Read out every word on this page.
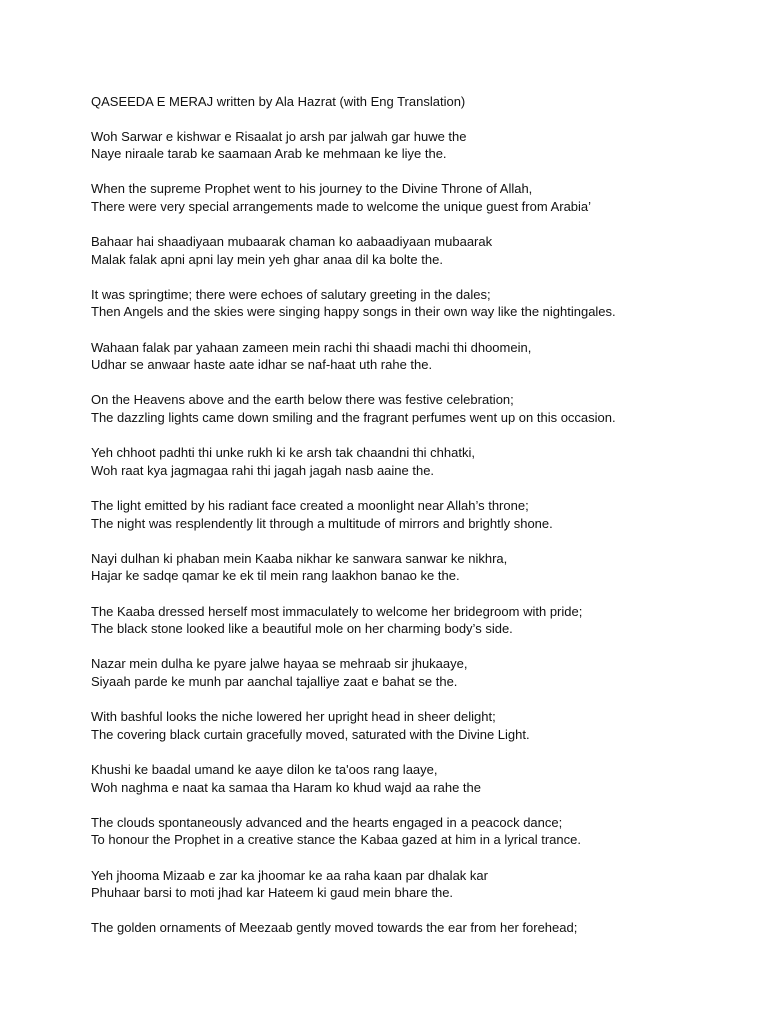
QASEEDA E MERAJ written by Ala Hazrat (with Eng Translation)
Woh Sarwar e kishwar e Risaalat jo arsh par jalwah gar huwe the
Naye niraale tarab ke saamaan Arab ke mehmaan ke liye the.
When the supreme Prophet went to his journey to the Divine Throne of Allah,
There were very special arrangements made to welcome the unique guest from Arabia’
Bahaar hai shaadiyaan mubaarak chaman ko aabaadiyaan mubaarak
Malak falak apni apni lay mein yeh ghar anaa dil ka bolte the.
It was springtime; there were echoes of salutary greeting in the dales;
Then Angels and the skies were singing happy songs in their own way like the nightingales.
Wahaan falak par yahaan zameen mein rachi thi shaadi machi thi dhoomein,
Udhar se anwaar haste aate idhar se naf-haat uth rahe the.
On the Heavens above and the earth below there was festive celebration;
The dazzling lights came down smiling and the fragrant perfumes went up on this occasion.
Yeh chhoot padhti thi unke rukh ki ke arsh tak chaandni thi chhatki,
Woh raat kya jagmagaa rahi thi jagah jagah nasb aaine the.
The light emitted by his radiant face created a moonlight near Allah’s throne;
The night was resplendently lit through a multitude of mirrors and brightly shone.
Nayi dulhan ki phaban mein Kaaba nikhar ke sanwara sanwar ke nikhra,
Hajar ke sadqe qamar ke ek til mein rang laakhon banao ke the.
The Kaaba dressed herself most immaculately to welcome her bridegroom with pride;
The black stone looked like a beautiful mole on her charming body’s side.
Nazar mein dulha ke pyare jalwe hayaa se mehraab sir jhukaaye,
Siyaah parde ke munh par aanchal tajalliye zaat e bahat se the.
With bashful looks the niche lowered her upright head in sheer delight;
The covering black curtain gracefully moved, saturated with the Divine Light.
Khushi ke baadal umand ke aaye dilon ke ta'oos rang laaye,
Woh naghma e naat ka samaa tha Haram ko khud wajd aa rahe the
The clouds spontaneously advanced and the hearts engaged in a peacock dance;
To honour the Prophet in a creative stance the Kabaa gazed at him in a lyrical trance.
Yeh jhooma Mizaab e zar ka jhoomar ke aa raha kaan par dhalak kar
Phuhaar barsi to moti jhad kar Hateem ki gaud mein bhare the.
The golden ornaments of Meezaab gently moved towards the ear from her forehead;
